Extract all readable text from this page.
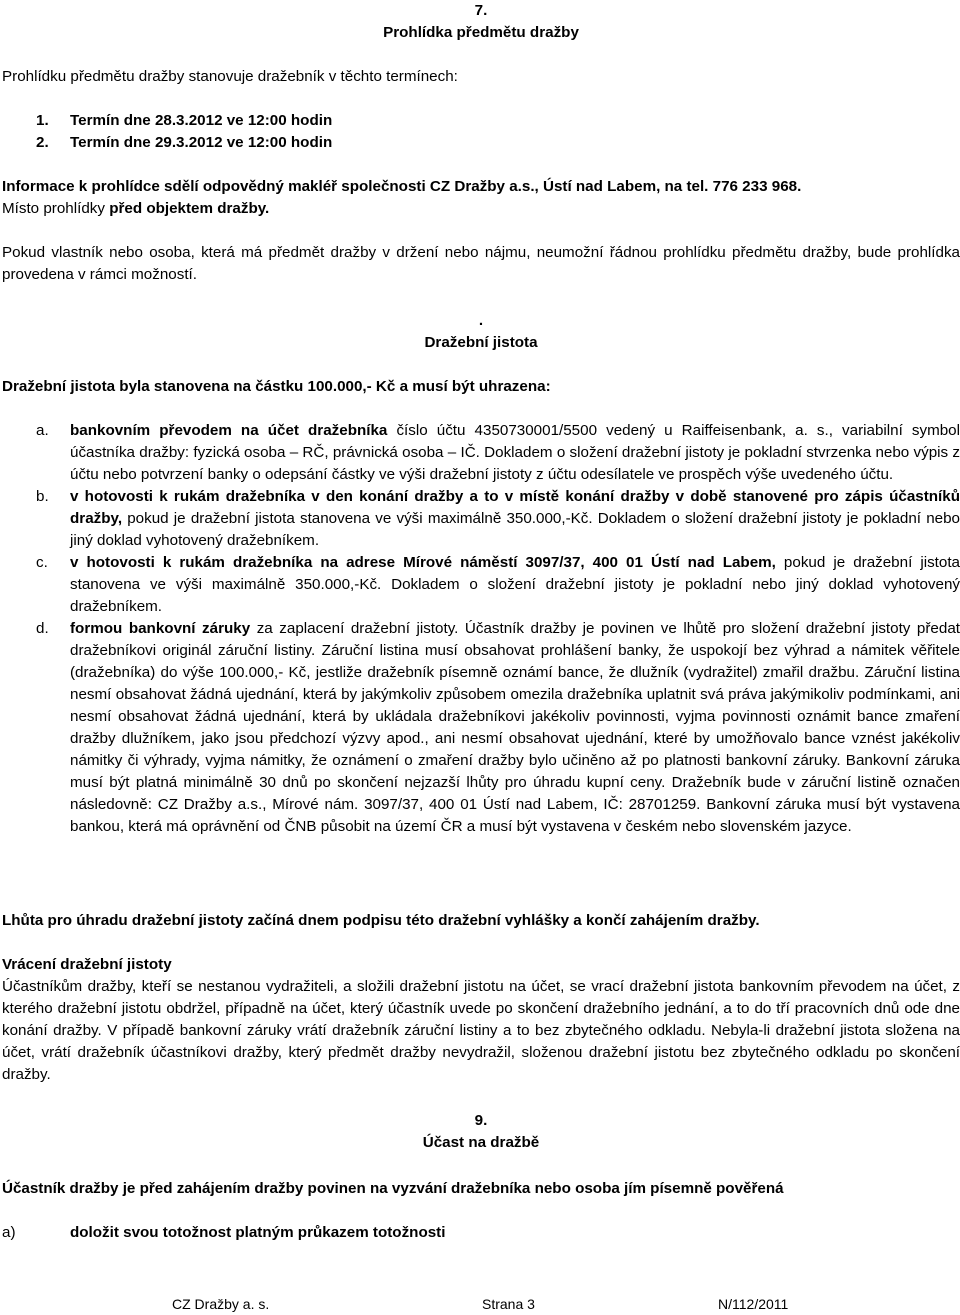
7.
Prohlídka předmětu dražby
Prohlídku předmětu dražby stanovuje dražebník v těchto termínech:
1.	Termín dne 28.3.2012 ve 12:00 hodin
2.	Termín dne 29.3.2012 ve 12:00 hodin
Informace k prohlídce sdělí odpovědný makléř společnosti CZ Dražby a.s., Ústí nad Labem, na tel. 776 233 968.
Místo prohlídky před objektem dražby.
Pokud vlastník nebo osoba, která má předmět dražby v držení nebo nájmu, neumožní řádnou prohlídku předmětu dražby, bude prohlídka provedena v rámci možností.
.
Dražební jistota
Dražební jistota byla stanovena na částku 100.000,- Kč a musí být uhrazena:
a.	bankovním převodem na účet dražebníka číslo účtu 4350730001/5500 vedený u Raiffeisenbank, a. s., variabilní symbol účastníka dražby: fyzická osoba – RČ, právnická osoba – IČ. Dokladem o složení dražební jistoty je pokladní stvrzenka nebo výpis z účtu nebo potvrzení banky o odepsání částky ve výši dražební jistoty z účtu odesílatele ve prospěch výše uvedeného účtu.
b.	v hotovosti k rukám dražebníka v den konání dražby a to v místě konání dražby v době stanovené pro zápis účastníků dražby, pokud je dražební jistota stanovena ve výši maximálně 350.000,-Kč. Dokladem o složení dražební jistoty je pokladní nebo jiný doklad vyhotovený dražebníkem.
c.	v hotovosti k rukám dražebníka na adrese Mírové náměstí 3097/37, 400 01 Ústí nad Labem, pokud je dražební jistota stanovena ve výši maximálně 350.000,-Kč. Dokladem o složení dražební jistoty je pokladní nebo jiný doklad vyhotovený dražebníkem.
d.	formou bankovní záruky za zaplacení dražební jistoty. Účastník dražby je povinen ve lhůtě pro složení dražební jistoty předat dražebníkovi originál záruční listiny. Záruční listina musí obsahovat prohlášení banky, že uspokojí bez výhrad a námitek věřitele (dražebníka) do výše 100.000,- Kč, jestliže dražebník písemně oznámí bance, že dlužník (vydražitel) zmařil dražbu. Záruční listina nesmí obsahovat žádná ujednání, která by jakýmkoliv způsobem omezila dražebníka uplatnit svá práva jakýmikoliv podmínkami, ani nesmí obsahovat žádná ujednání, která by ukládala dražebníkovi jakékoliv povinnosti, vyjma povinnosti oznámit bance zmaření dražby dlužníkem, jako jsou předchozí výzvy apod., ani nesmí obsahovat ujednání, které by umožňovalo bance vznést jakékoliv námitky či výhrady, vyjma námitky, že oznámení o zmaření dražby bylo učiněno až po platnosti bankovní záruky. Bankovní záruka musí být platná minimálně 30 dnů po skončení nejzazší lhůty pro úhradu kupní ceny. Dražebník bude v záruční listině označen následovně: CZ Dražby a.s., Mírové nám. 3097/37, 400 01 Ústí nad Labem, IČ: 28701259. Bankovní záruka musí být vystavena bankou, která má oprávnění od ČNB působit na území ČR a musí být vystavena v českém nebo slovenském jazyce.
Lhůta pro úhradu dražební jistoty začíná dnem podpisu této dražební vyhlášky a končí zahájením dražby.
Vrácení dražební jistoty
Účastníkům dražby, kteří se nestanou vydražiteli, a složili dražební jistotu na účet, se vrací dražební jistota bankovním převodem na účet, z kterého dražební jistotu obdržel, případně na účet, který účastník uvede po skončení dražebního jednání, a to do tří pracovních dnů ode dne konání dražby. V případě bankovní záruky vrátí dražebník záruční listiny a to bez zbytečného odkladu. Nebyla-li dražební jistota složena na účet, vrátí dražebník účastníkovi dražby, který předmět dražby nevydražil, složenou dražební jistotu bez zbytečného odkladu po skončení dražby.
9.
Účast na dražbě
Účastník dražby je před zahájením dražby povinen na vyzvání dražebníka nebo osoba jím písemně pověřená
a)	doložit svou totožnost platným průkazem totožnosti
CZ Dražby a. s.	Strana 3	N/112/2011
